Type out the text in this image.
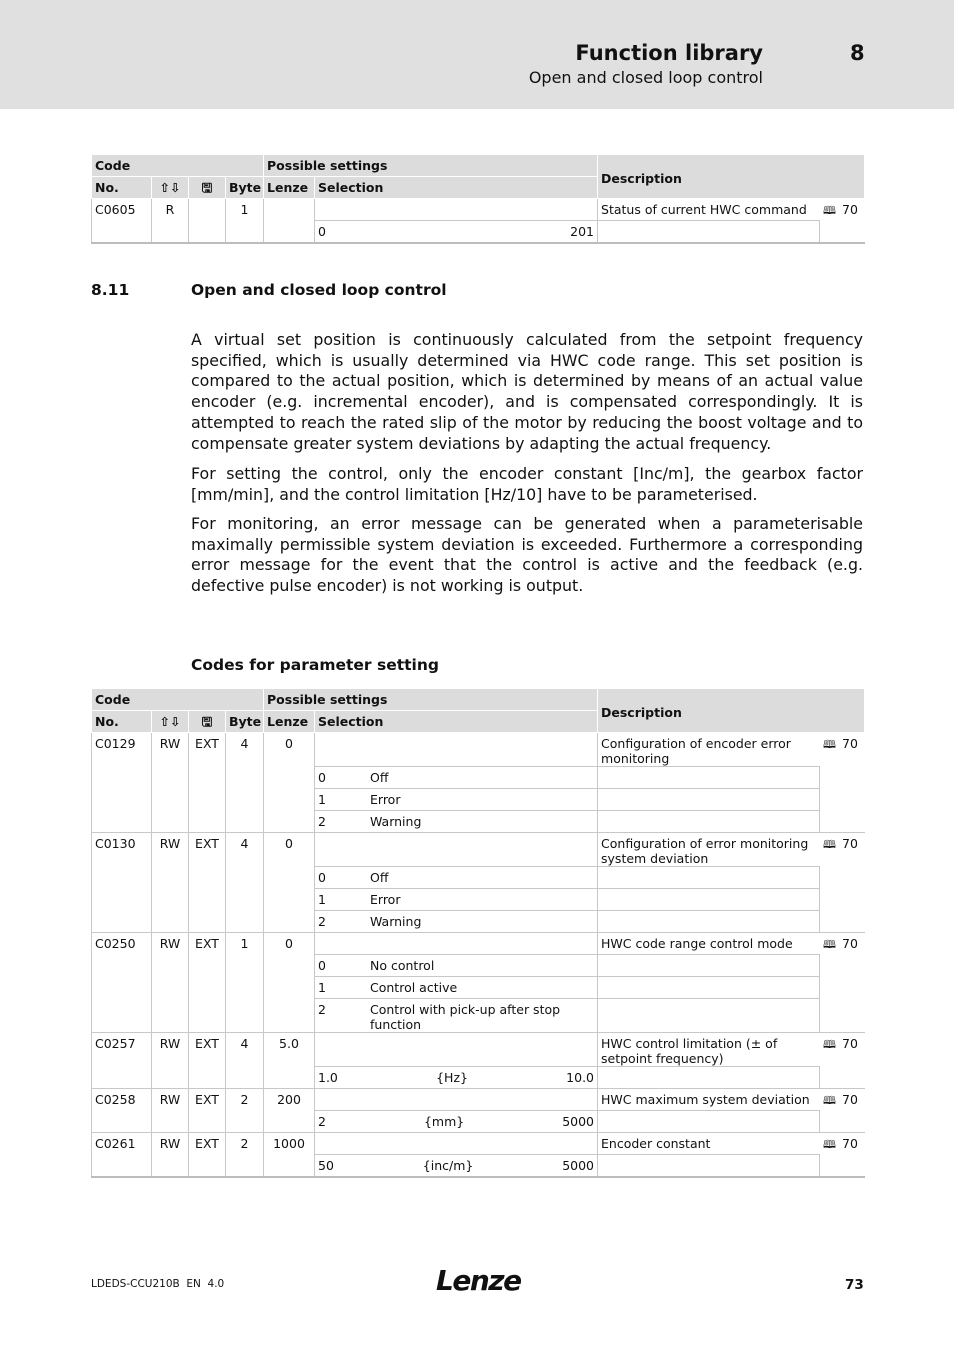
Function library	8
Open and closed loop control
Code				Possible settings		Description	
No.	⇧⇩	🖫	Byte	Lenze	Selection		
C0605	R		1			Status of current HWC command	🕮 70

					0 201		

8.11	Open and closed loop control

A virtual set position is continuously calculated from the setpoint frequency specified, which is usually determined via HWC code range. This set position is compared to the actual position, which is determined by means of an actual value encoder (e.g. incremental encoder), and is compensated correspondingly. It is attempted to reach the rated slip of the motor by reducing the boost voltage and to compensate greater system deviations by adapting the actual frequency.

For setting the control, only the encoder constant [Inc/m], the gearbox factor [mm/min], and the control limitation [Hz/10] have to be parameterised.

For monitoring, an error message can be generated when a parameterisable maximally permissible system deviation is exceeded. Furthermore a corresponding error message for the event that the control is active and the feedback (e.g. defective pulse encoder) is not working is output.

Codes for parameter setting
Code				Possible settings		Description	
No.	⇧⇩	🖫	Byte	Lenze	Selection		
C0129	RW	EXT	4	0		Configuration of encoder error monitoring	🕮 70

					0 Off		

					1 Error		

					2 Warning		

C0130	RW	EXT	4	0		Configuration of error monitoring system deviation	🕮 70

					0 Off		

					1 Error		

					2 Warning		

C0250	RW	EXT	1	0		HWC code range control mode	🕮 70

					0 No control		

					1 Control active		

					2 Control with pick-up after stop function		

C0257	RW	EXT	4	5.0		HWC control limitation (± of setpoint frequency)	🕮 70

					1.0 {Hz} 10.0		

C0258	RW	EXT	2	200		HWC maximum system deviation	🕮 70

					2 {mm} 5000		

C0261	RW	EXT	2	1000		Encoder constant	🕮 70

					50 {inc/m} 5000		

LDEDS-CCU210B  EN  4.0	Lenze	73
